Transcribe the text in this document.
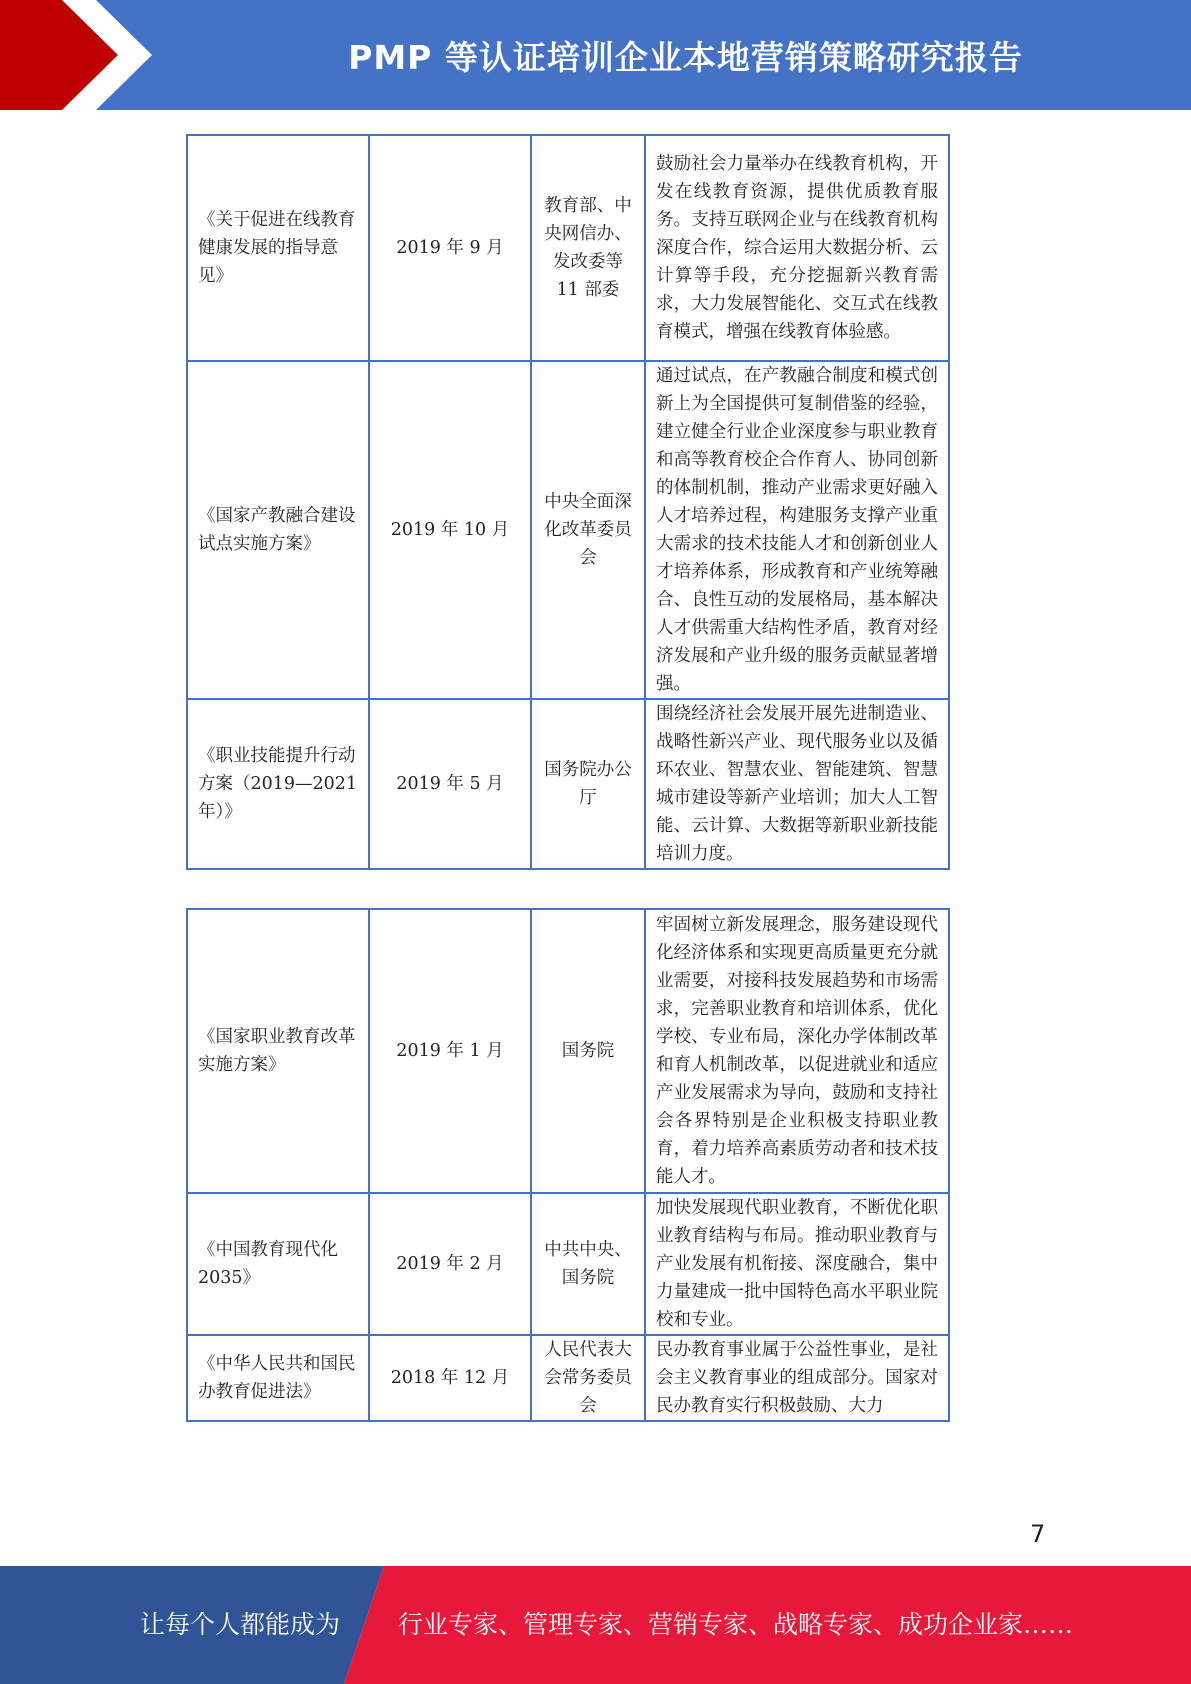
PMP 等认证培训企业本地营销策略研究报告
《关于促进在线教育健康发展的指导意见》	2019 年 9 月	教育部、中央网信办、发改委等 11 部委	鼓励社会力量举办在线教育机构，开发在线教育资源，提供优质教育服务。支持互联网企业与在线教育机构深度合作，综合运用大数据分析、云计算等手段，充分挖掘新兴教育需求，大力发展智能化、交互式在线教育模式，增强在线教育体验感。
《国家产教融合建设试点实施方案》	2019 年 10 月	中央全面深化改革委员会	通过试点，在产教融合制度和模式创新上为全国提供可复制借鉴的经验，建立健全行业企业深度参与职业教育和高等教育校企合作育人、协同创新的体制机制，推动产业需求更好融入人才培养过程，构建服务支撑产业重大需求的技术技能人才和创新创业人才培养体系，形成教育和产业统筹融合、良性互动的发展格局，基本解决人才供需重大结构性矛盾，教育对经济发展和产业升级的服务贡献显著增强。
《职业技能提升行动方案（2019—2021 年）》	2019 年 5 月	国务院办公厅	围绕经济社会发展开展先进制造业、战略性新兴产业、现代服务业以及循环农业、智慧农业、智能建筑、智慧城市建设等新产业培训；加大人工智能、云计算、大数据等新职业新技能培训力度。
《国家职业教育改革实施方案》	2019 年 1 月	国务院	牢固树立新发展理念，服务建设现代化经济体系和实现更高质量更充分就业需要，对接科技发展趋势和市场需求，完善职业教育和培训体系，优化学校、专业布局，深化办学体制改革和育人机制改革，以促进就业和适应产业发展需求为导向，鼓励和支持社会各界特别是企业积极支持职业教育，着力培养高素质劳动者和技术技能人才。
《中国教育现代化 2035》	2019 年 2 月	中共中央、国务院	加快发展现代职业教育，不断优化职业教育结构与布局。推动职业教育与产业发展有机衔接、深度融合，集中力量建成一批中国特色高水平职业院校和专业。
《中华人民共和国民办教育促进法》	2018 年 12 月	人民代表大会常务委员会	民办教育事业属于公益性事业，是社会主义教育事业的组成部分。国家对民办教育实行积极鼓励、大力
7
让每个人都能成为 行业专家、管理专家、营销专家、战略专家、成功企业家……
